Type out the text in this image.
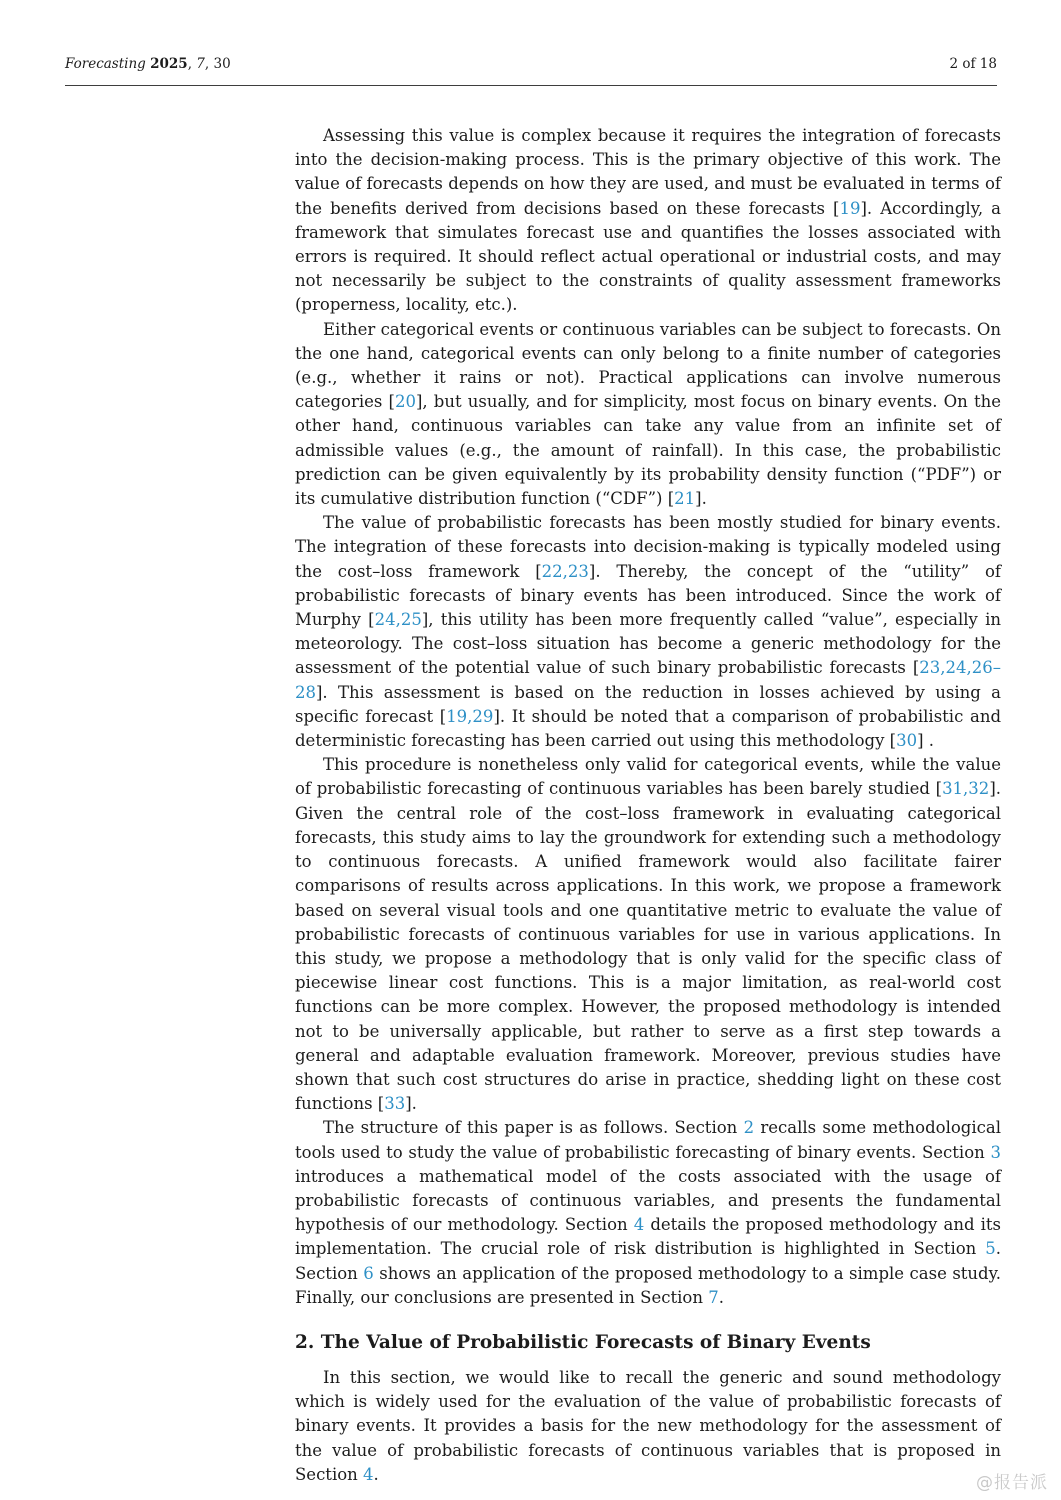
Forecasting 2025, 7, 30	2 of 18

Assessing this value is complex because it requires the integration of forecasts into the decision-making process. This is the primary objective of this work. The value of forecasts depends on how they are used, and must be evaluated in terms of the benefits derived from decisions based on these forecasts [19]. Accordingly, a framework that simulates forecast use and quantifies the losses associated with errors is required. It should reflect actual operational or industrial costs, and may not necessarily be subject to the constraints of quality assessment frameworks (properness, locality, etc.).

Either categorical events or continuous variables can be subject to forecasts. On the one hand, categorical events can only belong to a finite number of categories (e.g., whether it rains or not). Practical applications can involve numerous categories [20], but usually, and for simplicity, most focus on binary events. On the other hand, continuous variables can take any value from an infinite set of admissible values (e.g., the amount of rainfall). In this case, the probabilistic prediction can be given equivalently by its probability density function (“PDF”) or its cumulative distribution function (“CDF”) [21].

The value of probabilistic forecasts has been mostly studied for binary events. The integration of these forecasts into decision-making is typically modeled using the cost–loss framework [22,23]. Thereby, the concept of the “utility” of probabilistic forecasts of binary events has been introduced. Since the work of Murphy [24,25], this utility has been more frequently called “value”, especially in meteorology. The cost–loss situation has become a generic methodology for the assessment of the potential value of such binary probabilistic forecasts [23,24,26–28]. This assessment is based on the reduction in losses achieved by using a specific forecast [19,29]. It should be noted that a comparison of probabilistic and deterministic forecasting has been carried out using this methodology [30] .

This procedure is nonetheless only valid for categorical events, while the value of probabilistic forecasting of continuous variables has been barely studied [31,32]. Given the central role of the cost–loss framework in evaluating categorical forecasts, this study aims to lay the groundwork for extending such a methodology to continuous forecasts. A unified framework would also facilitate fairer comparisons of results across applications. In this work, we propose a framework based on several visual tools and one quantitative metric to evaluate the value of probabilistic forecasts of continuous variables for use in various applications. In this study, we propose a methodology that is only valid for the specific class of piecewise linear cost functions. This is a major limitation, as real-world cost functions can be more complex. However, the proposed methodology is intended not to be universally applicable, but rather to serve as a first step towards a general and adaptable evaluation framework. Moreover, previous studies have shown that such cost structures do arise in practice, shedding light on these cost functions [33].

The structure of this paper is as follows. Section 2 recalls some methodological tools used to study the value of probabilistic forecasting of binary events. Section 3 introduces a mathematical model of the costs associated with the usage of probabilistic forecasts of continuous variables, and presents the fundamental hypothesis of our methodology. Section 4 details the proposed methodology and its implementation. The crucial role of risk distribution is highlighted in Section 5. Section 6 shows an application of the proposed methodology to a simple case study. Finally, our conclusions are presented in Section 7.

2. The Value of Probabilistic Forecasts of Binary Events

In this section, we would like to recall the generic and sound methodology which is widely used for the evaluation of the value of probabilistic forecasts of binary events. It provides a basis for the new methodology for the assessment of the value of probabilistic forecasts of continuous variables that is proposed in Section 4.	@报告派
